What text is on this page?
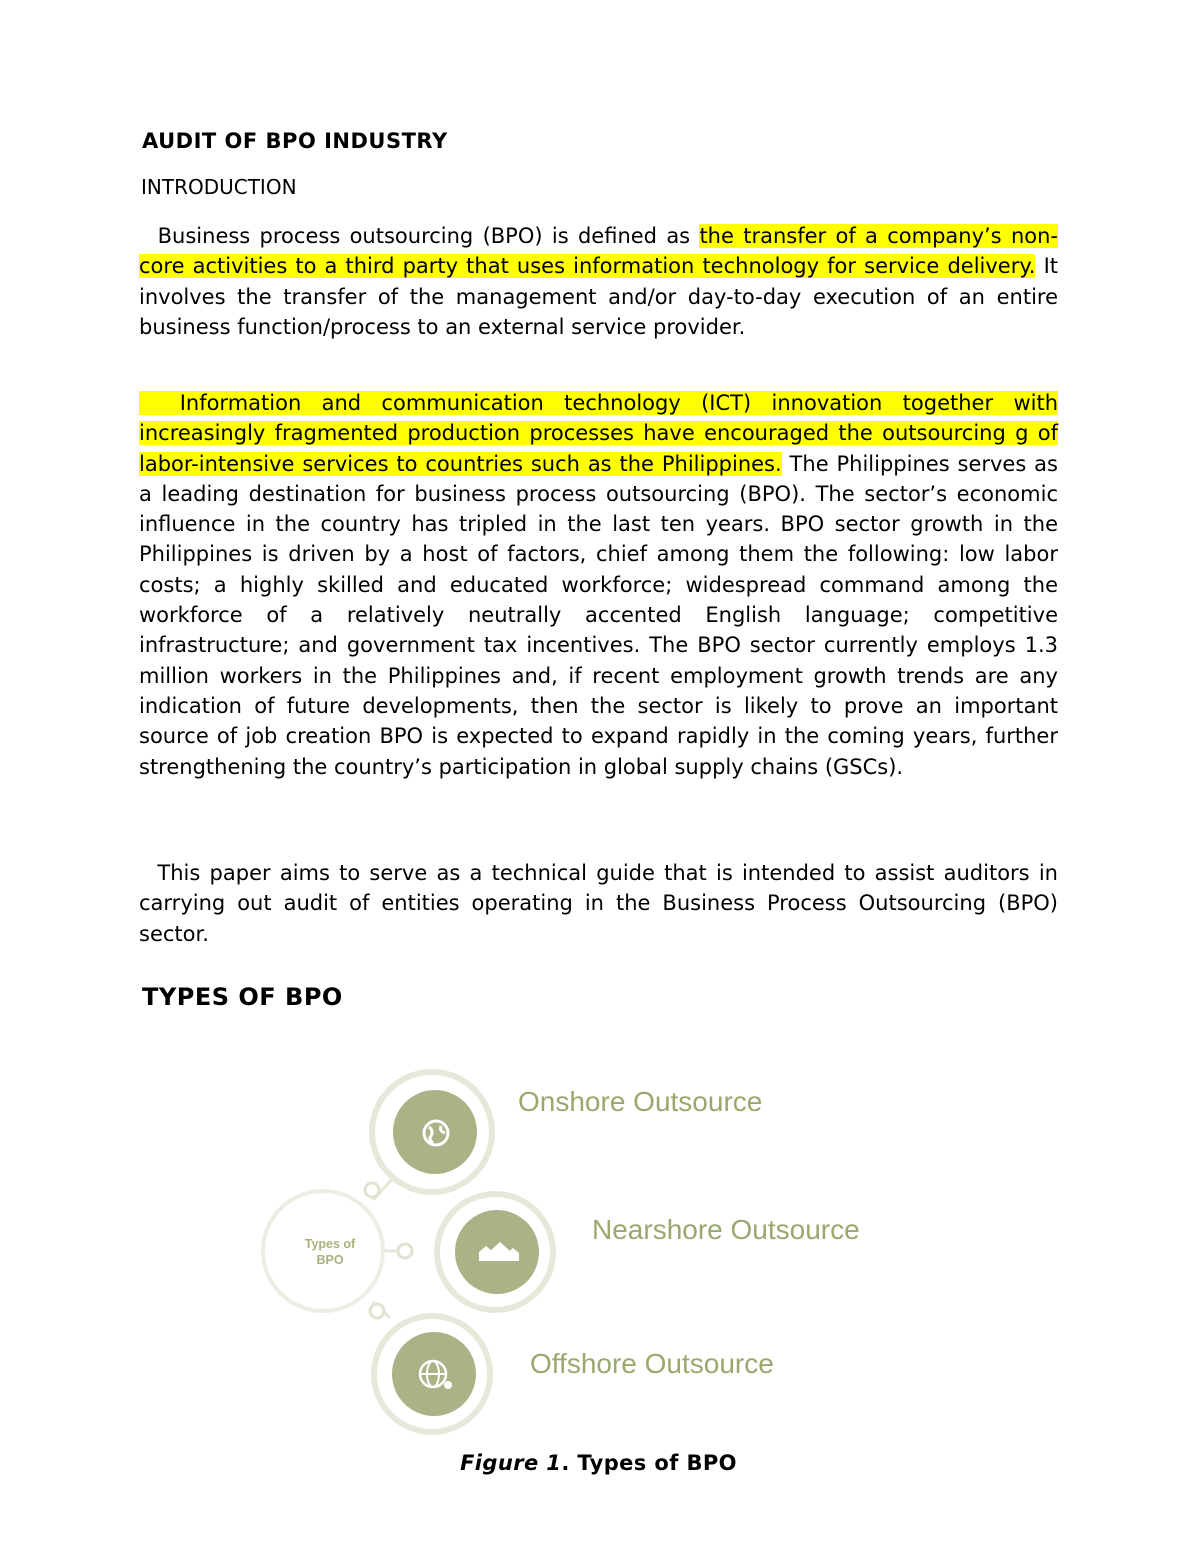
AUDIT OF BPO INDUSTRY
INTRODUCTION

Business process outsourcing (BPO) is defined as the transfer of a company’s non-core activities to a third party that uses information technology for service delivery. It involves the transfer of the management and/or day-to-day execution of an entire business function/process to an external service provider.

Information and communication technology (ICT) innovation together with increasingly fragmented production processes have encouraged the outsourcing g of labor-intensive services to countries such as the Philippines. The Philippines serves as a leading destination for business process outsourcing (BPO). The sector’s economic influence in the country has tripled in the last ten years. BPO sector growth in the Philippines is driven by a host of factors, chief among them the following: low labor costs; a highly skilled and educated workforce; widespread command among the workforce of a relatively neutrally accented English language; competitive infrastructure; and government tax incentives. The BPO sector currently employs 1.3 million workers in the Philippines and, if recent employment growth trends are any indication of future developments, then the sector is likely to prove an important source of job creation BPO is expected to expand rapidly in the coming years, further strengthening the country’s participation in global supply chains (GSCs).

This paper aims to serve as a technical guide that is intended to assist auditors in carrying out audit of entities operating in the Business Process Outsourcing (BPO) sector.

TYPES OF BPO

Figure 1. Types of BPO

Types of
BPO
Onshore Outsource
Nearshore Outsource
Offshore Outsource
